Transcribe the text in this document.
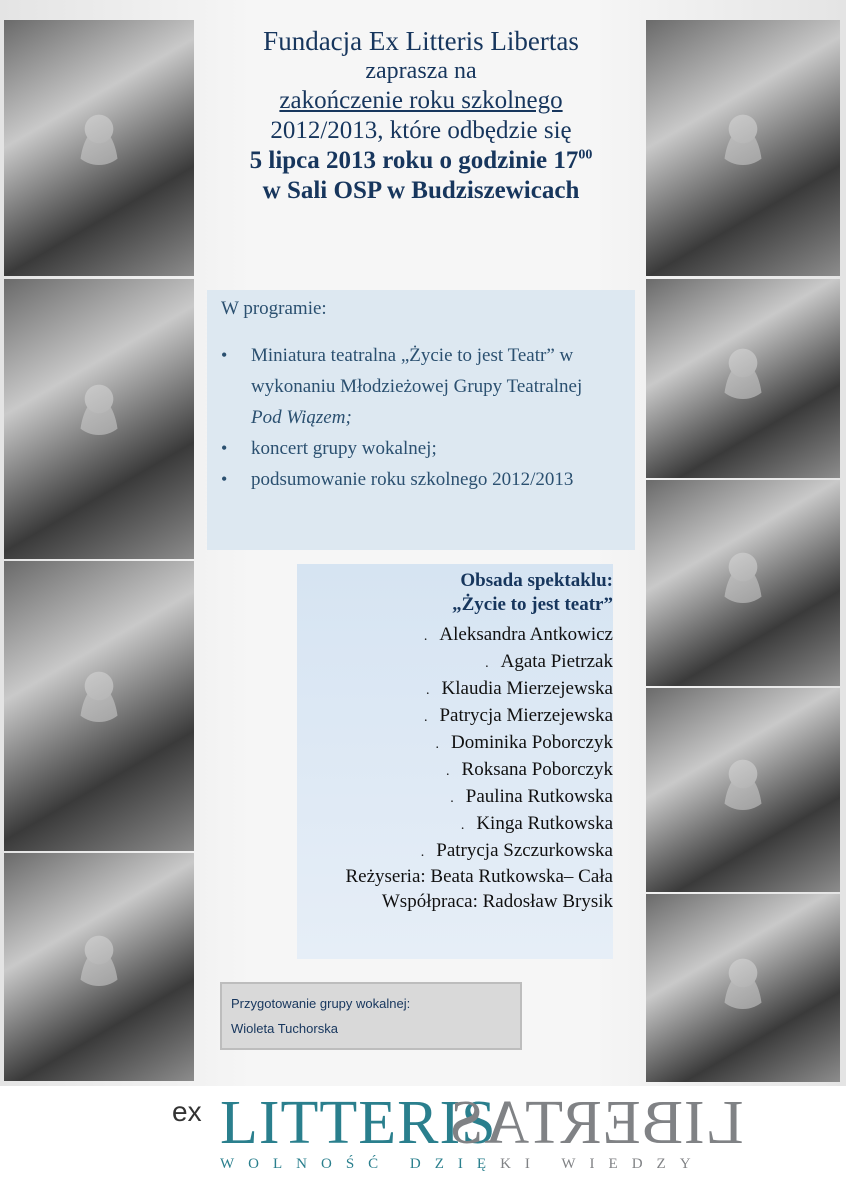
Fundacja Ex Litteris Libertas
zaprasza na
zakończenie roku szkolnego
2012/2013, które odbędzie się
5 lipca 2013 roku o godzinie $17^{00}$
w Sali OSP w Budziszewicach
W programie:
• Miniatura teatralna „Życie to jest Teatr” w wykonaniu Młodzieżowej Grupy Teatralnej Pod Wiązem;
• koncert grupy wokalnej;
• podsumowanie roku szkolnego 2012/2013
Obsada spektaklu:
„Życie to jest teatr”
. Aleksandra Antkowicz
. Agata Pietrzak
. Klaudia Mierzejewska
. Patrycja Mierzejewska
. Dominika Poborczyk
. Roksana Poborczyk
. Paulina Rutkowska
. Kinga Rutkowska
. Patrycja Szczurkowska
Reżyseria: Beata Rutkowska– Cała
Współpraca: Radosław Brysik
Przygotowanie grupy wokalnej:
Wioleta Tuchorska
ex LITTERIS
LIBERTAS
WOLNOŚĆ DZIĘKI WIEDZY
